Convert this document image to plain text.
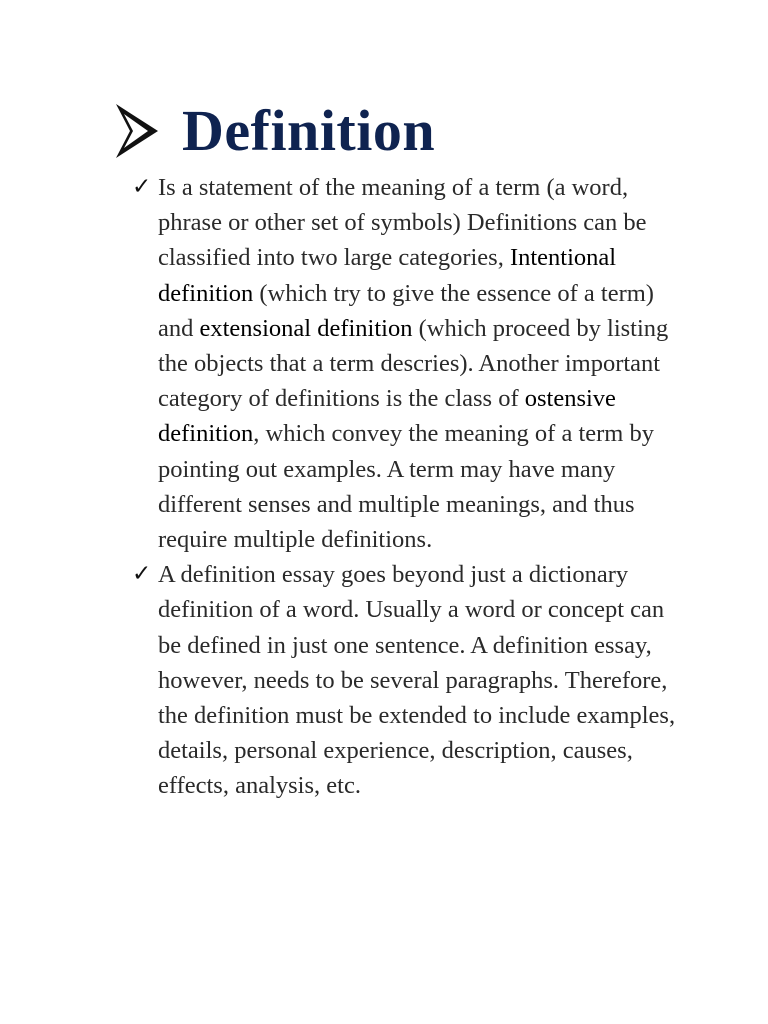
Definition
✓ Is a statement of the meaning of a term (a word, phrase or other set of symbols) Definitions can be classified into two large categories, Intentional definition (which try to give the essence of a term) and extensional definition (which proceed by listing the objects that a term descries). Another important category of definitions is the class of ostensive definition, which convey the meaning of a term by pointing out examples. A term may have many different senses and multiple meanings, and thus require multiple definitions.
✓ A definition essay goes beyond just a dictionary definition of a word. Usually a word or concept can be defined in just one sentence. A definition essay, however, needs to be several paragraphs. Therefore, the definition must be extended to include examples, details, personal experience, description, causes, effects, analysis, etc.
